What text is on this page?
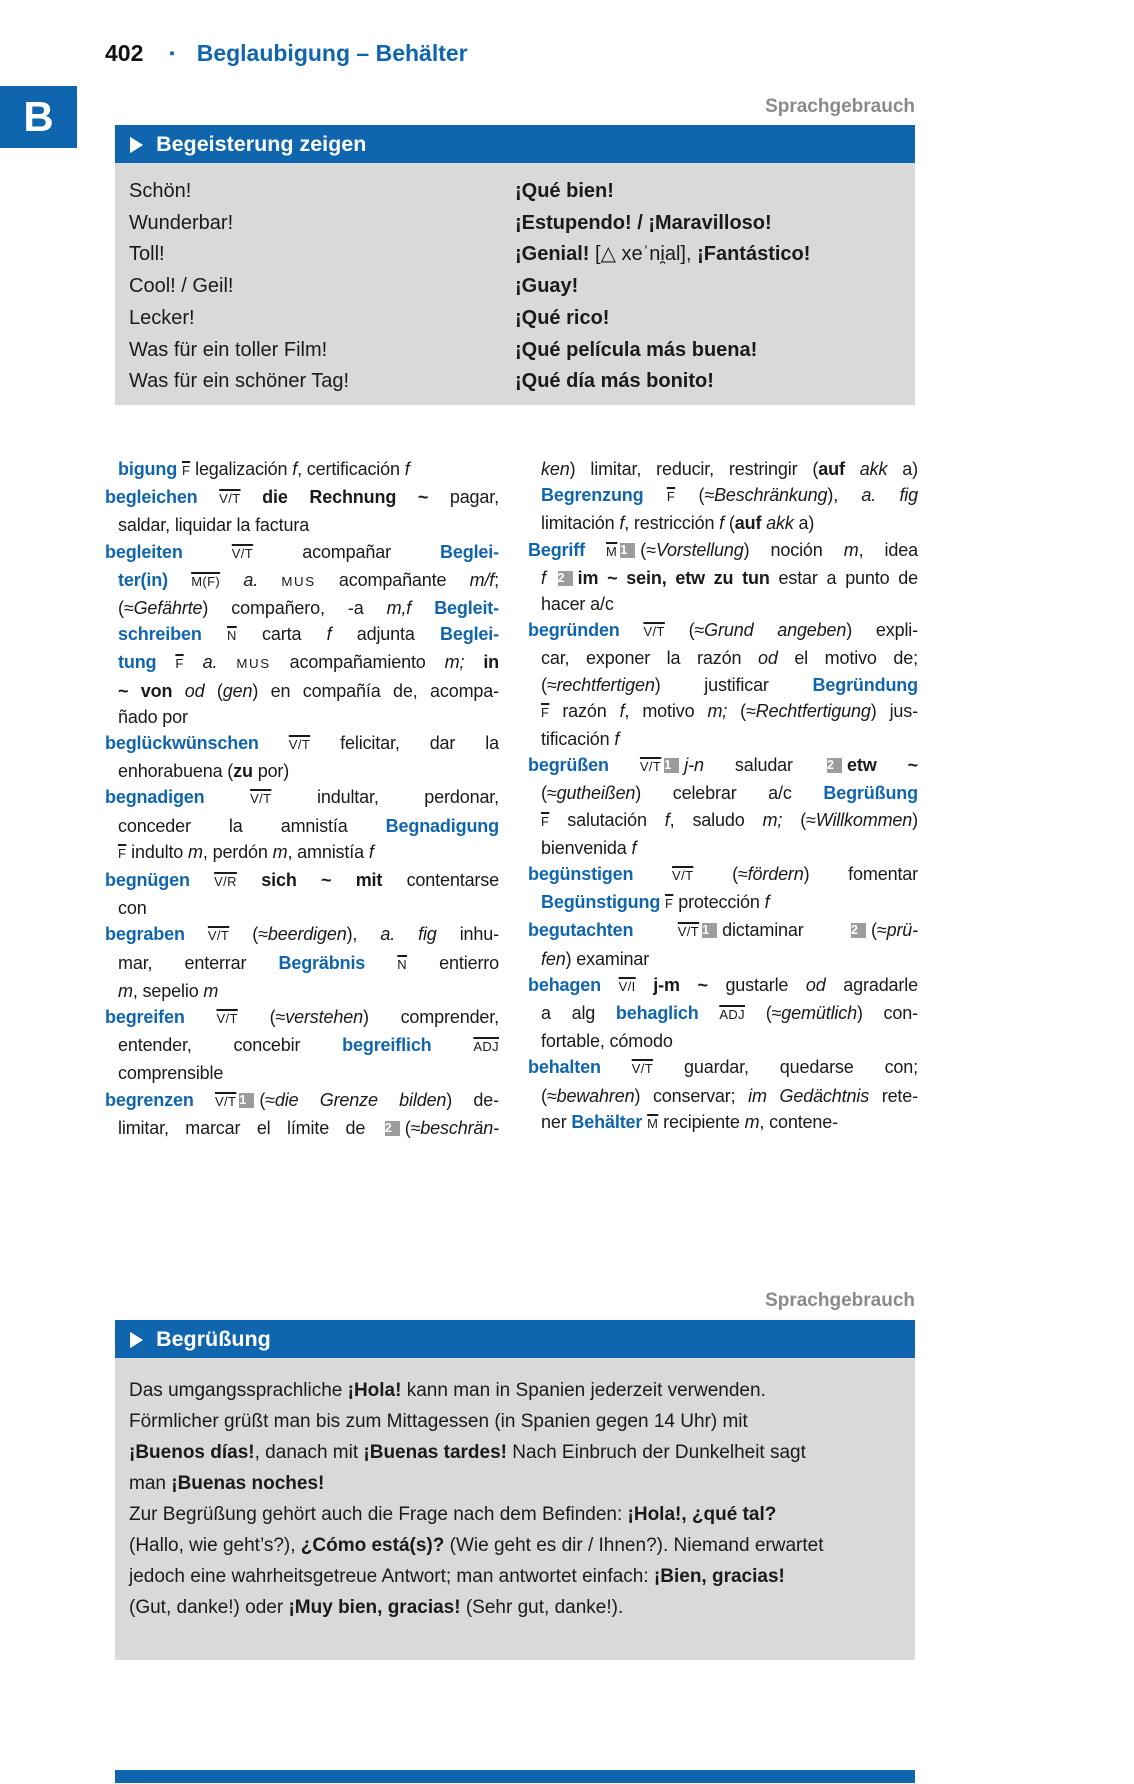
402 ▪ Beglaubigung – Behälter
B	Sprachgebrauch
▶ Begeisterung zeigen
Schön!	¡Qué bien!
Wunderbar!	¡Estupendo! / ¡Maravilloso!
Toll!	¡Genial! [△ xeˈni̯al], ¡Fantástico!
Cool! / Geil!	¡Guay!
Lecker!	¡Qué rico!
Was für ein toller Film!	¡Qué película más buena!
Was für ein schöner Tag!	¡Qué día más bonito!
bigung $\overline{F}$ legalización f, certificación f
begleichen V/T die Rechnung ~ pagar,
saldar, liquidar la factura
begleiten V/T acompañar Beglei-
ter(in) M(F) a. MUS acompañante m/f;
(≈Gefährte) compañero, -a m,f Begleit-
schreiben $\overline{N}$ carta f adjunta Beglei-
tung $\overline{F}$ a. MUS acompañamiento m; in
~ von od (gen) en compañía de, acompa-
ñado por
beglückwünschen V/T felicitar, dar la
enhorabuena (zu por)
begnadigen V/T indultar, perdonar,
conceder la amnistía Begnadigung
$\overline{F}$ indulto m, perdón m, amnistía f
begnügen V/R sich ~ mit contentarse
con
begraben V/T (≈beerdigen), a. fig inhu-
mar, enterrar Begräbnis $\overline{N}$ entierro
m, sepelio m
begreifen V/T (≈verstehen) comprender,
entender, concebir begreiflich $\overline{ADJ}$
comprensible
begrenzen V/T 1 (≈die Grenze bilden) de-
limitar, marcar el límite de 2 (≈beschrän-
ken) limitar, reducir, restringir (auf akk a)
Begrenzung $\overline{F}$ (≈Beschränkung), a. fig
limitación f, restricción f (auf akk a)
Begriff $\overline{M}$ 1 (≈Vorstellung) noción m, idea
f 2 im ~ sein, etw zu tun estar a punto de
hacer a/c
begründen V/T (≈Grund angeben) expli-
car, exponer la razón od el motivo de;
(≈rechtfertigen) justificar Begründung
$\overline{F}$ razón f, motivo m; (≈Rechtfertigung) jus-
tificación f
begrüßen V/T 1 j-n saludar 2 etw ~
(≈gutheißen) celebrar a/c Begrüßung
$\overline{F}$ salutación f, saludo m; (≈Willkommen)
bienvenida f
begünstigen V/T (≈fördern) fomentar
Begünstigung $\overline{F}$ protección f
begutachten V/T 1 dictaminar 2 (≈prü-
fen) examinar
behagen V/I j-m ~ gustarle od agradarle
a alg behaglich $\overline{ADJ}$ (≈gemütlich) con-
fortable, cómodo
behalten V/T guardar, quedarse con;
(≈bewahren) conservar; im Gedächtnis rete-
ner Behälter $\overline{M}$ recipiente m, contene-
Sprachgebrauch
▶ Begrüßung
Das umgangssprachliche ¡Hola! kann man in Spanien jederzeit verwenden.
Förmlicher grüßt man bis zum Mittagessen (in Spanien gegen 14 Uhr) mit
¡Buenos días!, danach mit ¡Buenas tardes! Nach Einbruch der Dunkelheit sagt
man ¡Buenas noches!
Zur Begrüßung gehört auch die Frage nach dem Befinden: ¡Hola!, ¿qué tal?
(Hallo, wie geht’s?), ¿Cómo está(s)? (Wie geht es dir / Ihnen?). Niemand erwartet
jedoch eine wahrheitsgetreue Antwort; man antwortet einfach: ¡Bien, gracias!
(Gut, danke!) oder ¡Muy bien, gracias! (Sehr gut, danke!).
